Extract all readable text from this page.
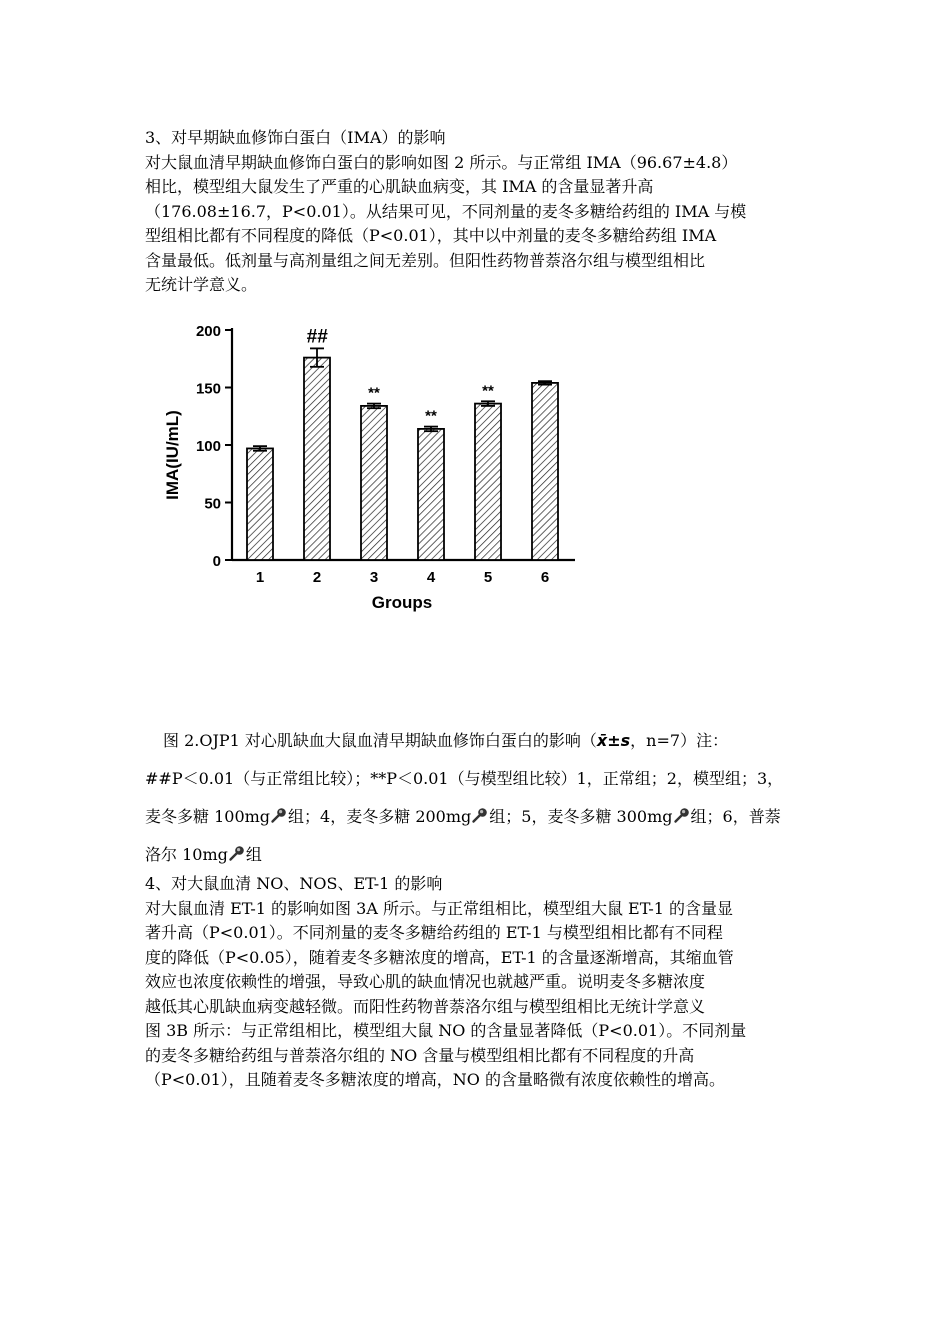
3、对早期缺血修饰白蛋白（IMA）的影响

对大鼠血清早期缺血修饰白蛋白的影响如图 2 所示。与正常组 IMA（96.67±4.8）

相比，模型组大鼠发生了严重的心肌缺血病变，其 IMA 的含量显著升高

（176.08±16.7，P<0.01）。从结果可见，不同剂量的麦冬多糖给药组的 IMA 与模

型组相比都有不同程度的降低（P<0.01），其中以中剂量的麦冬多糖给药组 IMA

含量最低。低剂量与高剂量组之间无差别。但阳性药物普萘洛尔组与模型组相比

无统计学意义。

0
50
100
150
200
1	2
##
3
**
4
**
5
**
6
IMA(IU/mL)
Groups

图 2.OJP1 对心肌缺血大鼠血清早期缺血修饰白蛋白的影响（x̄±s，n=7）注：

##P＜0.01（与正常组比较）；**P＜0.01（与模型组比较）1，正常组；2，模型组；3，

麦冬多糖 100mg 组；4，麦冬多糖 200mg 组；5，麦冬多糖 300mg 组；6，普萘

洛尔 10mg 组

4、对大鼠血清 NO、NOS、ET-1 的影响

对大鼠血清 ET-1 的影响如图 3A 所示。与正常组相比，模型组大鼠 ET-1 的含量显

著升高（P<0.01）。不同剂量的麦冬多糖给药组的 ET-1 与模型组相比都有不同程

度的降低（P<0.05），随着麦冬多糖浓度的增高，ET-1 的含量逐渐增高，其缩血管

效应也浓度依赖性的增强，导致心肌的缺血情况也就越严重。说明麦冬多糖浓度

越低其心肌缺血病变越轻微。而阳性药物普萘洛尔组与模型组相比无统计学意义

图 3B 所示：与正常组相比，模型组大鼠 NO 的含量显著降低（P<0.01）。不同剂量

的麦冬多糖给药组与普萘洛尔组的 NO 含量与模型组相比都有不同程度的升高

（P<0.01），且随着麦冬多糖浓度的增高，NO 的含量略微有浓度依赖性的增高。
